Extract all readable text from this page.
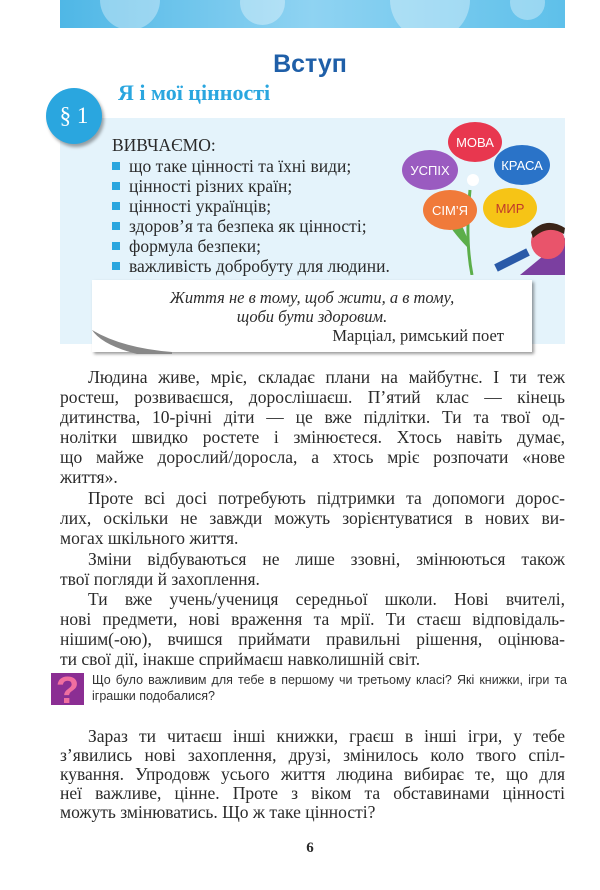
Вступ
§ 1
Я і мої цінності
ВИВЧАЄМО:
що таке цінності та їхні види;
цінності різних країн;
цінності українців;
здоров’я та безпека як цінності;
формула безпеки;
важливість добробуту для людини.
МОВА
КРАСА
МИР
СІМ’Я
УСПІХ
Життя не в тому, щоб жити, а в тому,
щоби бути здоровим.
Марціал, римський поет
Людина живе, мріє, складає плани на майбутнє. І ти теж
ростеш, розвиваєшся, дорослішаєш. П’ятий клас — кінець
дитинства, 10-річні діти — це вже підлітки. Ти та твої од-
нолітки швидко ростете і змінюєтеся. Хтось навіть думає,
що майже дорослий/доросла, а хтось мріє розпочати «нове
життя».
Проте всі досі потребують підтримки та допомоги дорос-
лих, оскільки не завжди можуть зорієнтуватися в нових ви-
могах шкільного життя.
Зміни відбуваються не лише ззовні, змінюються також
твої погляди й захоплення.
Ти вже учень/учениця середньої школи. Нові вчителі,
нові предмети, нові враження та мрії. Ти стаєш відповідаль-
нішим(-ою), вчишся приймати правильні рішення, оцінюва-
ти свої дії, інакше сприймаєш навколишній світ.
? Що було важливим для тебе в першому чи третьому класі? Які книжки, ігри та іграшки подобалися?
Зараз ти читаєш інші книжки, граєш в інші ігри, у тебе
з’явились нові захоплення, друзі, змінилось коло твого спіл-
кування. Упродовж усього життя людина вибирає те, що для
неї важливе, цінне. Проте з віком та обставинами цінності
можуть змінюватись. Що ж таке цінності?
6
